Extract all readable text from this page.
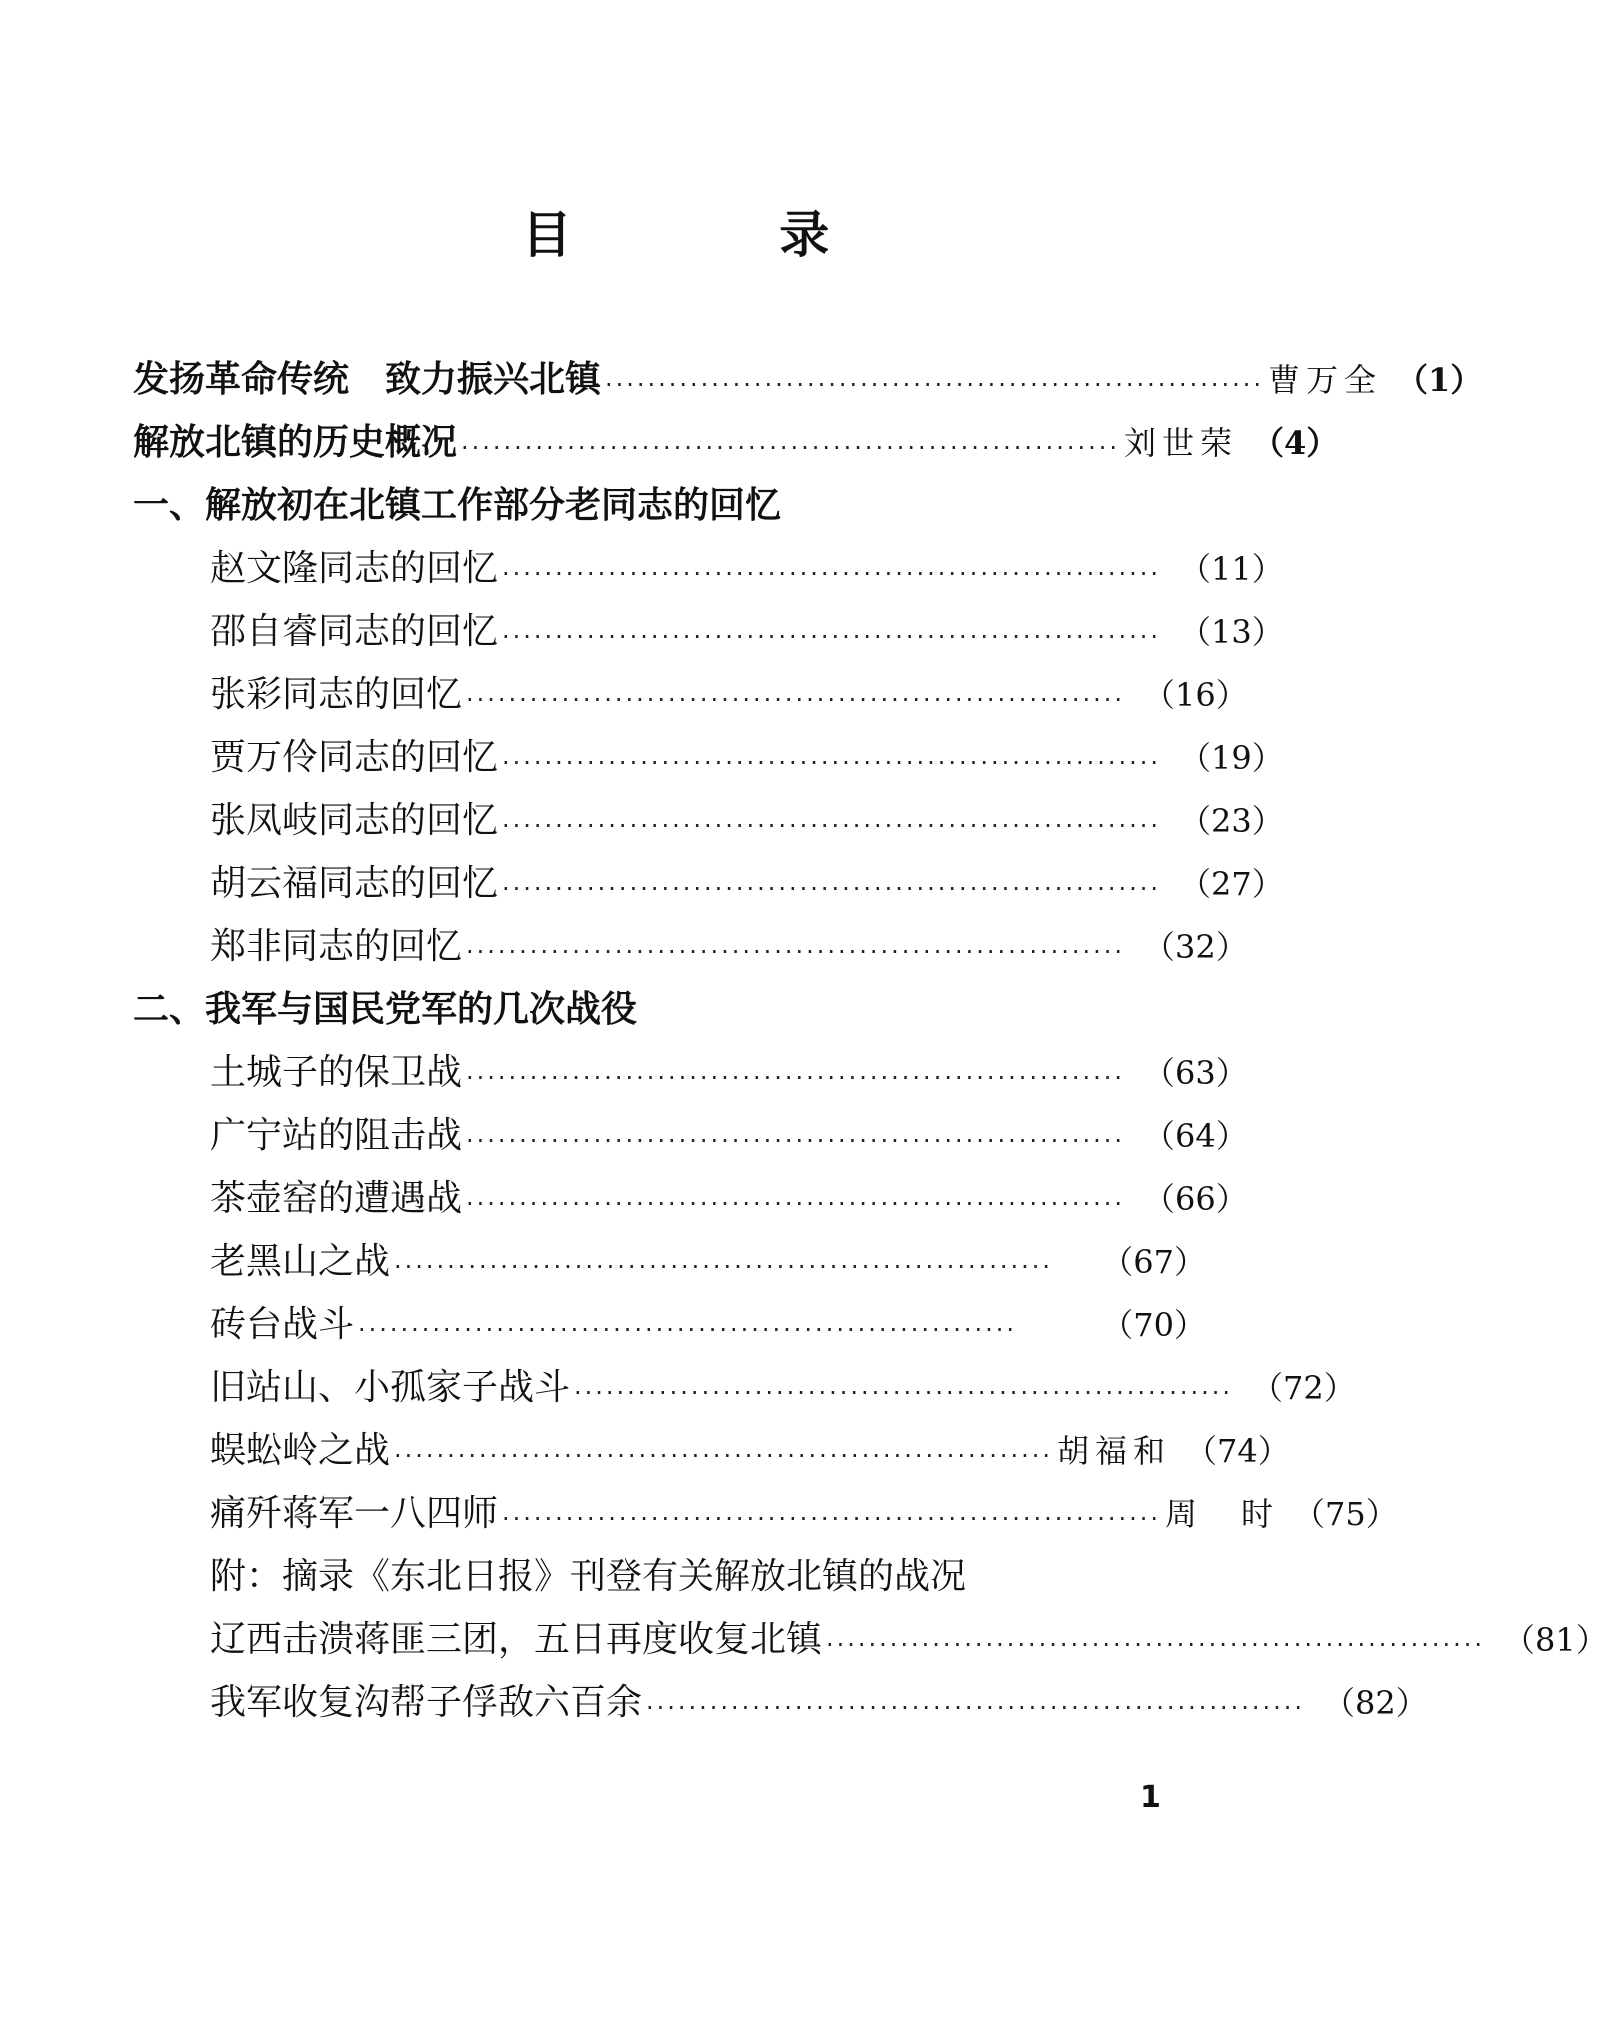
目 录
发扬革命传统　致力振兴北镇 ······························································ 曹万全 （1）
解放北镇的历史概况 ······························································ 刘世荣 （4）
一、解放初在北镇工作部分老同志的回忆
赵文隆同志的回忆 ······························································ （11）
邵自睿同志的回忆 ······························································ （13）
张彩同志的回忆 ······························································ （16）
贾万伶同志的回忆 ······························································ （19）
张凤岐同志的回忆 ······························································ （23）
胡云福同志的回忆 ······························································ （27）
郑非同志的回忆 ······························································ （32）
二、我军与国民党军的几次战役
土城子的保卫战 ······························································ （63）
广宁站的阻击战 ······························································ （64）
茶壶窑的遭遇战 ······························································ （66）
老黑山之战 ······························································	（67）
砖台战斗 ······························································	（70）
旧站山、小孤家子战斗 ······························································ （72）
蜈蚣岭之战 ······························································ 胡福和 （74）
痛歼蒋军一八四师 ······························································ 周　时 （75）
附：摘录《东北日报》刊登有关解放北镇的战况
辽西击溃蒋匪三团，五日再度收复北镇 ······························································ （81）
我军收复沟帮子俘敌六百余 ······························································ （82）
1
